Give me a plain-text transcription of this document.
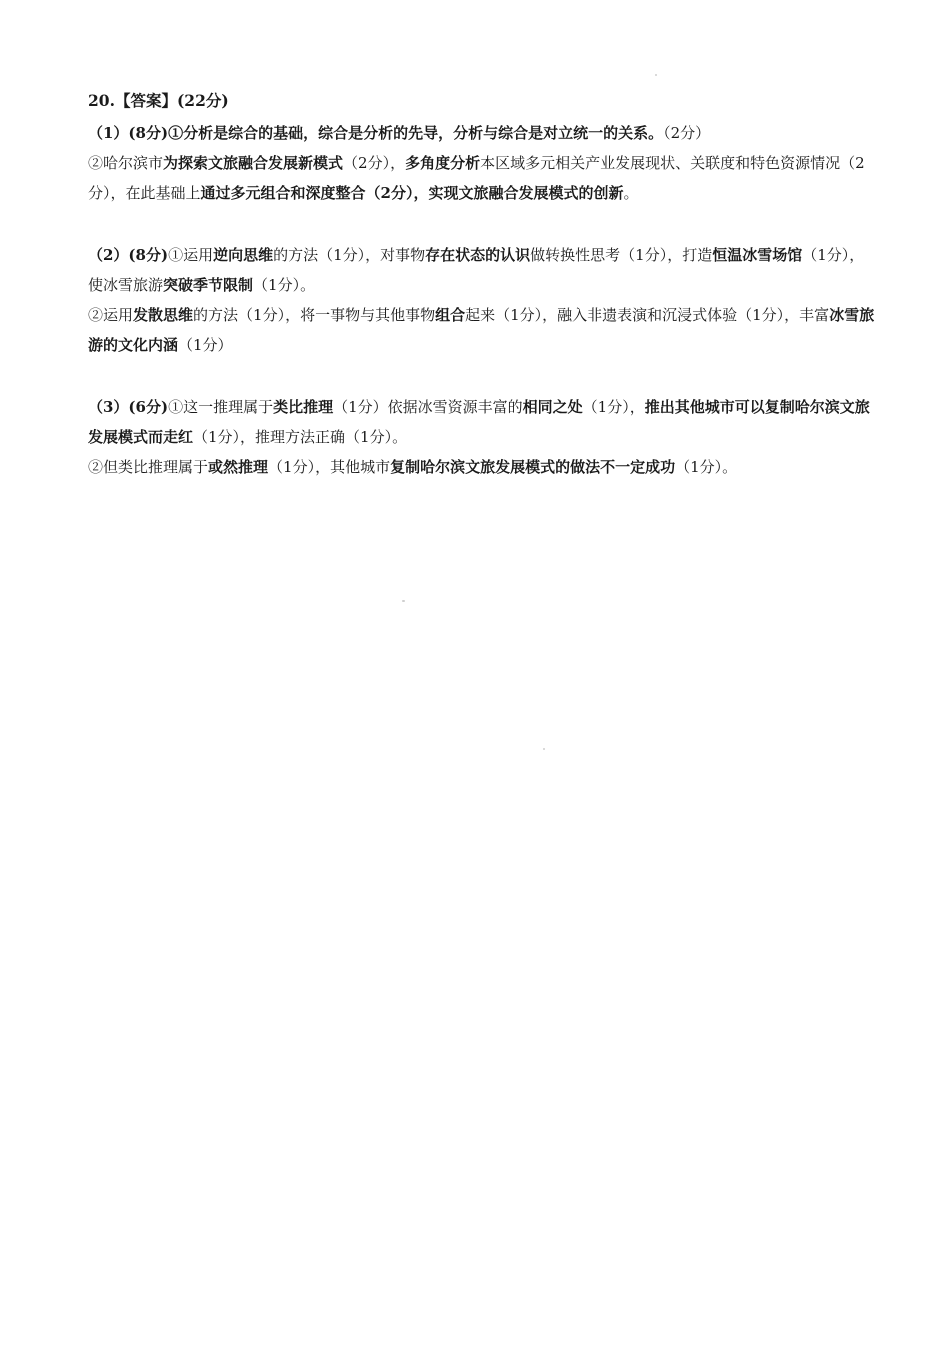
20.【答案】(22分)

（1）(8分)①分析是综合的基础，综合是分析的先导，分析与综合是对立统一的关系。（2分）

②哈尔滨市为探索文旅融合发展新模式（2分），多角度分析本区域多元相关产业发展现状、关联度和特色资源情况（2分），在此基础上通过多元组合和深度整合（2分），实现文旅融合发展模式的创新。

（2）(8分)①运用逆向思维的方法（1分），对事物存在状态的认识做转换性思考（1分），打造恒温冰雪场馆（1分），使冰雪旅游突破季节限制（1分）。

②运用发散思维的方法（1分），将一事物与其他事物组合起来（1分），融入非遗表演和沉浸式体验（1分），丰富冰雪旅游的文化内涵（1分）

（3）(6分)①这一推理属于类比推理（1分）依据冰雪资源丰富的相同之处（1分），推出其他城市可以复制哈尔滨文旅发展模式而走红（1分），推理方法正确（1分）。

②但类比推理属于或然推理（1分），其他城市复制哈尔滨文旅发展模式的做法不一定成功（1分）。
